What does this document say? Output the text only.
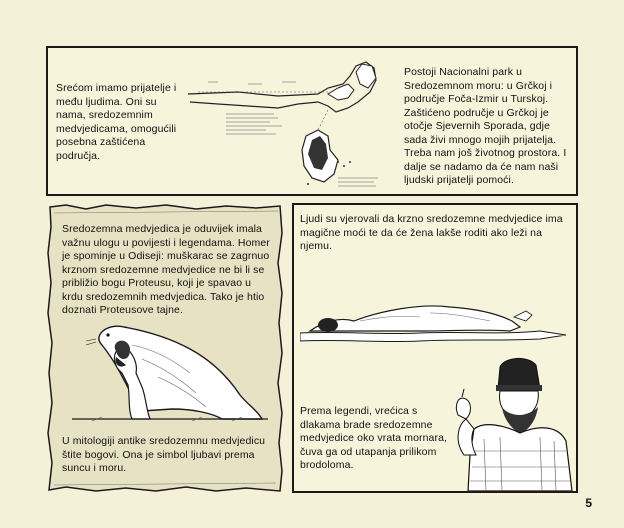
Srećom imamo prijatelje i među ljudima. Oni su nama, sredozemnim medvjedicama, omogućili posebna zaštićena područja.
Postoji Nacionalni park u Sredozemnom moru: u Grčkoj i područje Foča-Izmir u Turskoj. Zaštićeno područje u Grčkoj je otočje Sjevernih Sporada, gdje sada živi mnogo mojih prijatelja. Treba nam još životnog prostora. I dalje se nadamo da će nam naši ljudski prijatelji pomoći.
Sredozemna medvjedica je oduvijek imala važnu ulogu u povijesti i legendama. Homer je spominje u Odiseji: muškarac se zagrnuo krznom sredozemne medvjedice ne bi li se približio bogu Proteusu, koji je spavao u krdu sredozemnih medvjedica. Tako je htio doznati Proteusove tajne.
U mitologiji antike sredozemnu medvjedicu štite bogovi. Ona je simbol ljubavi prema suncu i moru.
Ljudi su vjerovali da krzno sredozemne medvjedice ima magične moći te da će žena lakše roditi ako leži na njemu.
Prema legendi, vrećica s dlakama brade sredozemne medvjedice oko vrata mornara, čuva ga od utapanja prilikom brodoloma.
5
